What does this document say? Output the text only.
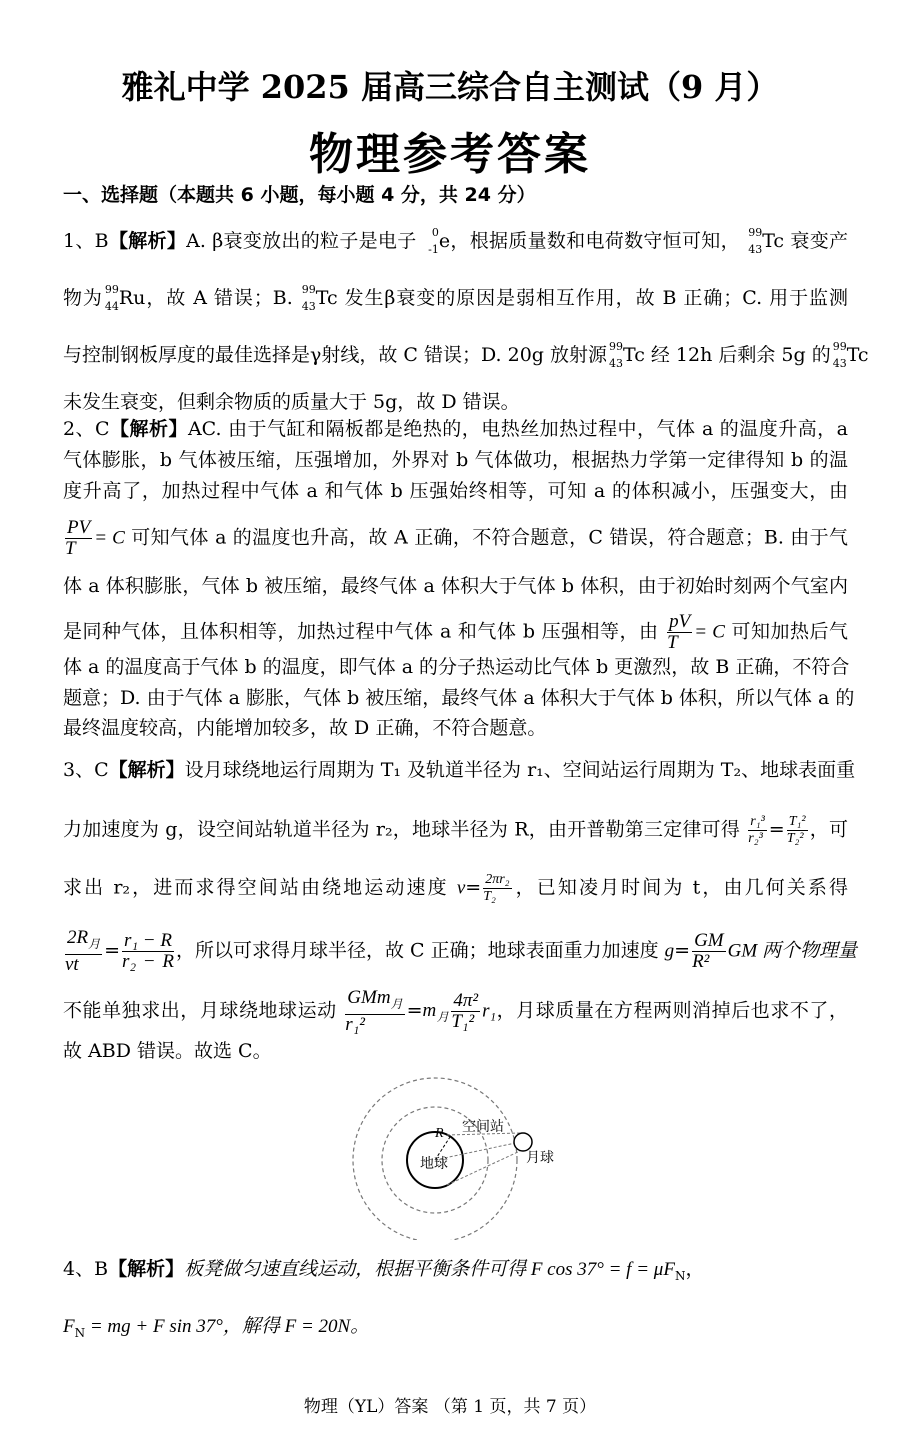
雅礼中学 2025 届高三综合自主测试（9 月）
物理参考答案
一、选择题（本题共 6 小题，每小题 4 分，共 24 分）
1、B【解析】A. β衰变放出的粒子是电子 0
-1 e，根据质量数和电荷数守恒可知， 99
43 Tc 衰变产
物为 99
44 Ru，故 A 错误；B. 99
43 Tc 发生β衰变的原因是弱相互作用，故 B 正确；C. 用于监测
与控制钢板厚度的最佳选择是γ射线，故 C 错误；D. 20g 放射源 99
43 Tc 经 12h 后剩余 5g 的 99
43 Tc
未发生衰变，但剩余物质的质量大于 5g，故 D 错误。
2、C【解析】AC. 由于气缸和隔板都是绝热的，电热丝加热过程中，气体 a 的温度升高，a
气体膨胀，b 气体被压缩，压强增加，外界对 b 气体做功，根据热力学第一定律得知 b 的温
度升高了，加热过程中气体 a 和气体 b 压强始终相等，可知 a 的体积减小，压强变大，由
$\frac{PV}{T} = C$ 可知气体 a 的温度也升高，故 A 正确，不符合题意，C 错误，符合题意；B. 由于气
体 a 体积膨胀，气体 b 被压缩，最终气体 a 体积大于气体 b 体积，由于初始时刻两个气室内
是同种气体，且体积相等，加热过程中气体 a 和气体 b 压强相等，由 $\frac{pV}{T} = C$ 可知加热后气
体 a 的温度高于气体 b 的温度，即气体 a 的分子热运动比气体 b 更激烈，故 B 正确，不符合
题意；D. 由于气体 a 膨胀，气体 b 被压缩，最终气体 a 体积大于气体 b 体积，所以气体 a 的
最终温度较高，内能增加较多，故 D 正确，不符合题意。
3、C【解析】设月球绕地运行周期为 T₁ 及轨道半径为 r₁、空间站运行周期为 T₂、地球表面重
力加速度为 g，设空间站轨道半径为 r₂，地球半径为 R，由开普勒第三定律可得 $\frac{\text{r₁³}}{\text{r₂³}} = \frac{\text{T₁²}}{\text{T₂²}}$ ，可
求出 r₂，进而求得空间站由绕地运动速度 $v= \frac{\text{2πr₂}}{\text{T₂}}$ ，已知凌月时间为 t，由几何关系得
$\frac{2R_月}{vt} = \frac{\text{r₁ − R}}{\text{r₂ − R}}$ ，所以可求得月球半径，故 C 正确；地球表面重力加速度 $g= \frac{GM}{\text{R²}}$ GM 两个物理量
不能单独求出，月球绕地球运动 $\frac{GMm_月}{\text{r₁²}} =m_月 \frac{\text{4π²}}{\text{T₁²}} r_1$，月球质量在方程两则消掉后也求不了，
故 ABD 错误。故选 C。
R
地球
空间站
月球
4、B【解析】板凳做匀速直线运动，根据平衡条件可得 F $\cos 37^\circ = f = \mu F_N$，
$F_N$ = mg + F sin 37°，解得 F = 20N。
物理（YL）答案 （第 1 页，共 7 页）
